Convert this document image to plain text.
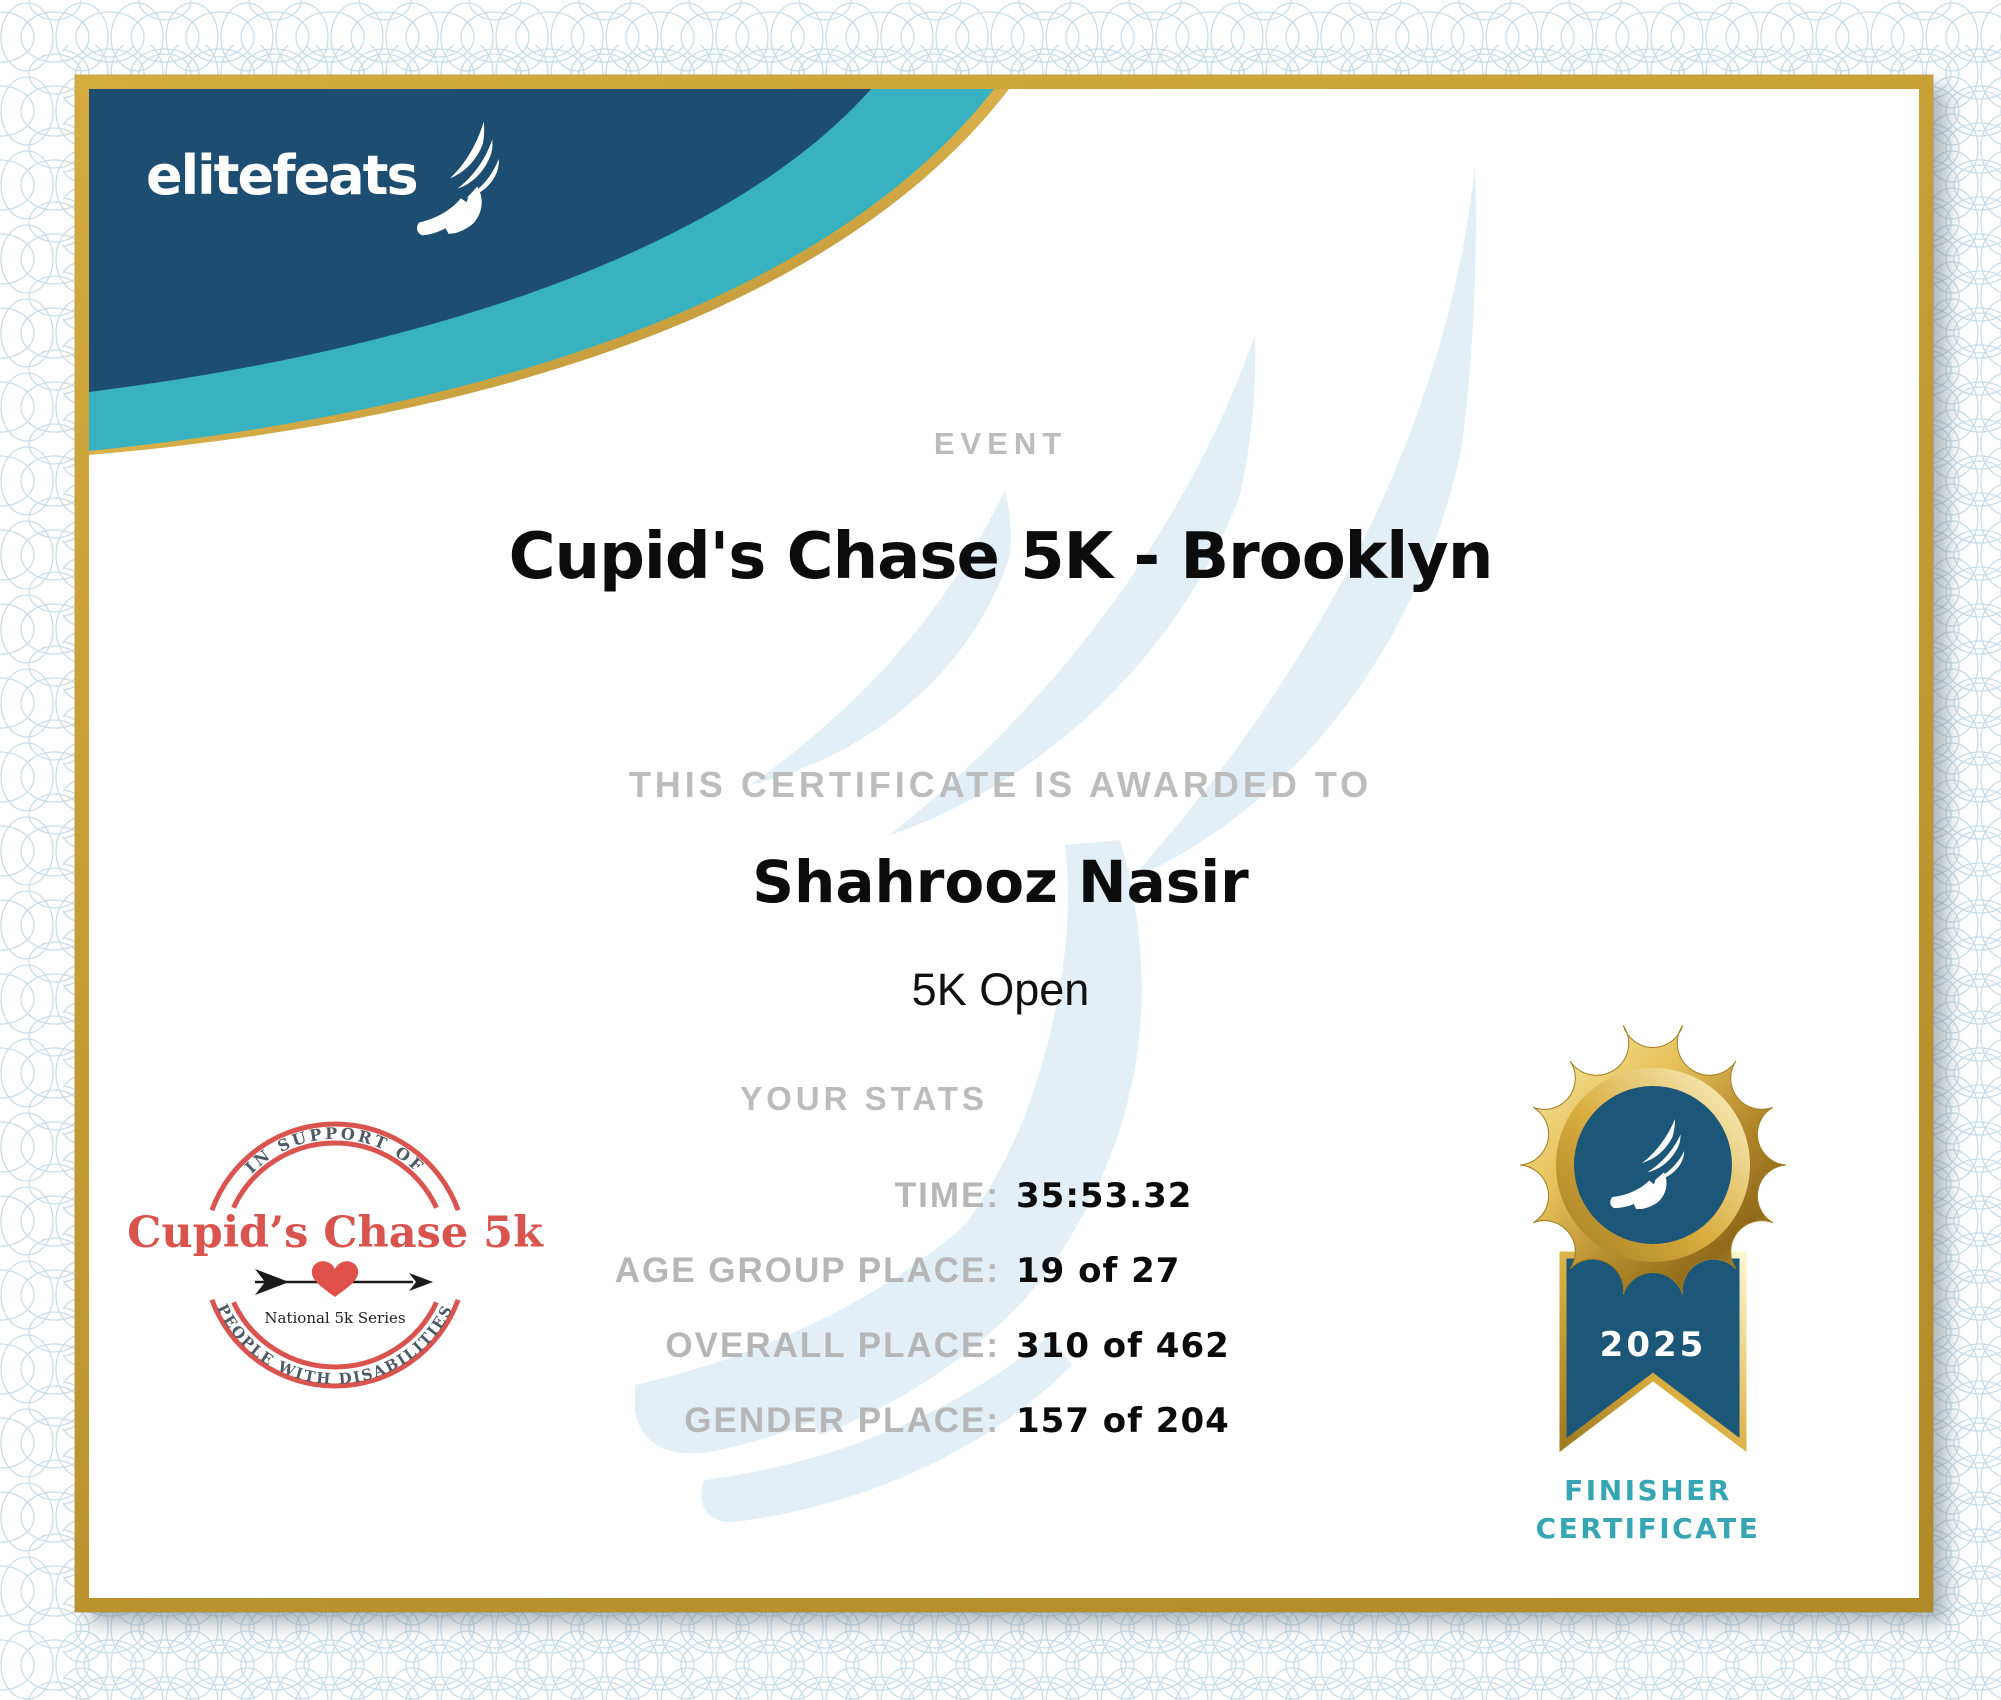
elitefeats
EVENT
Cupid's Chase 5K - Brooklyn
THIS CERTIFICATE IS AWARDED TO
Shahrooz Nasir
5K Open
YOUR STATS
TIME: 35:53.32
AGE GROUP PLACE: 19 of 27
OVERALL PLACE: 310 of 462
GENDER PLACE: 157 of 204
IN SUPPORT OF
PEOPLE WITH DISABILITIES
Cupid’s Chase 5k
National 5k Series
2025
FINISHER
CERTIFICATE
